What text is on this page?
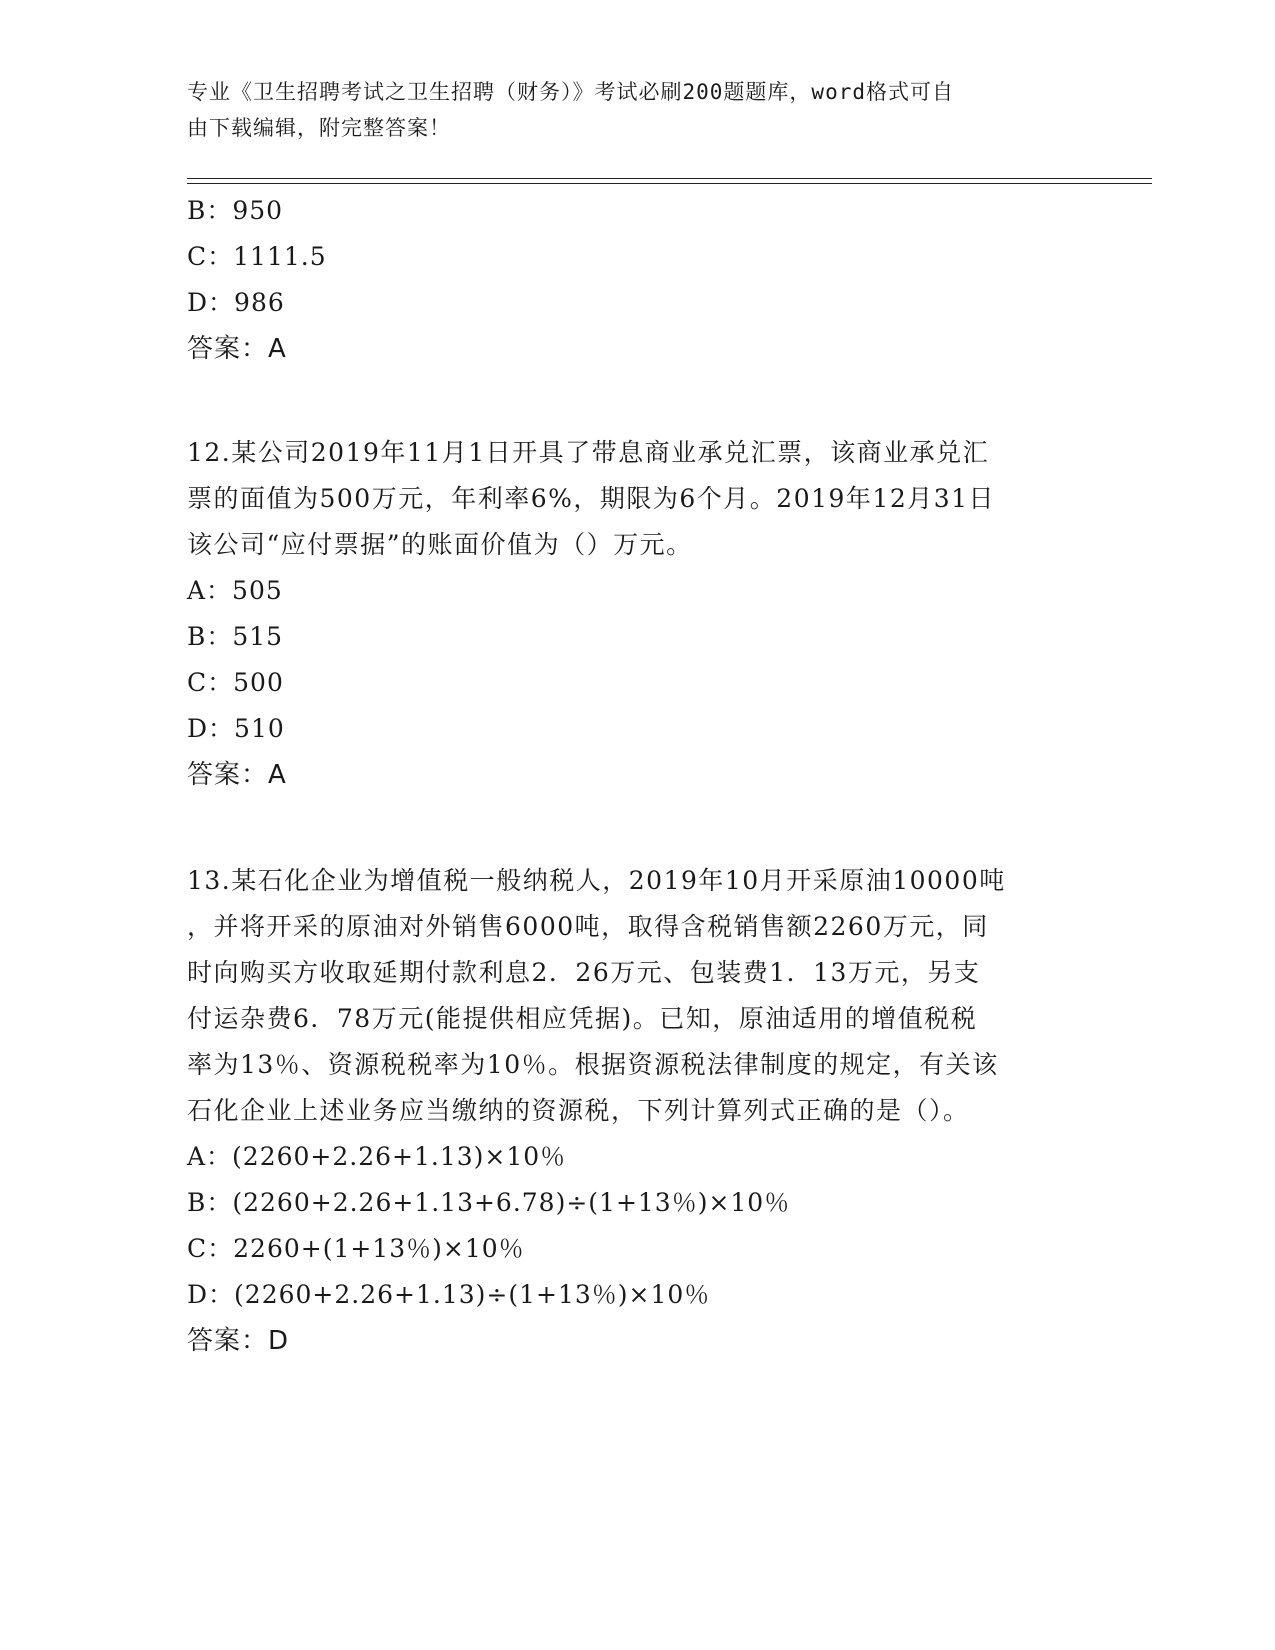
专业《卫生招聘考试之卫生招聘（财务）》考试必刷200题题库，word格式可自
由下载编辑，附完整答案！
B：950
C：1111.5
D：986
答案：A
12.某公司2019年11月1日开具了带息商业承兑汇票，该商业承兑汇
票的面值为500万元，年利率6%，期限为6个月。2019年12月31日
该公司“应付票据”的账面价值为（）万元。
A：505
B：515
C：500
D：510
答案：A
13.某石化企业为增值税一般纳税人，2019年10月开采原油10000吨
，并将开采的原油对外销售6000吨，取得含税销售额2260万元，同
时向购买方收取延期付款利息2．26万元、包装费1．13万元，另支
付运杂费6．78万元(能提供相应凭据)。已知，原油适用的增值税税
率为13％、资源税税率为10％。根据资源税法律制度的规定，有关该
石化企业上述业务应当缴纳的资源税，下列计算列式正确的是（）。
A：(2260+2.26+1.13)×10％
B：(2260+2.26+1.13+6.78)÷(1+13％)×10％
C：2260+(1+13％)×10％
D：(2260+2.26+1.13)÷(1+13％)×10％
答案：D
